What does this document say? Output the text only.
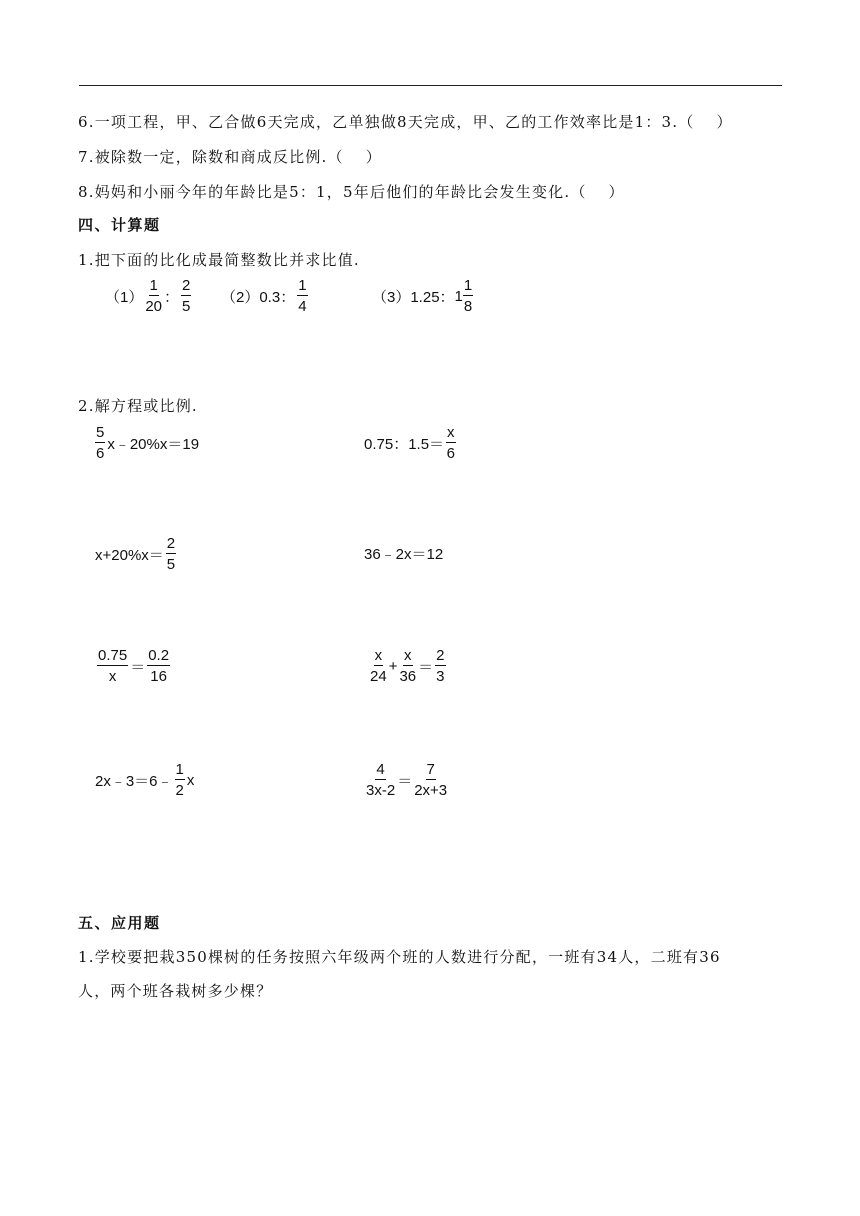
6.一项工程，甲、乙合做6天完成，乙单独做8天完成，甲、乙的工作效率比是1：3.（ ）
7.被除数一定，除数和商成反比例.（ ）
8.妈妈和小丽今年的年龄比是5：1，5年后他们的年龄比会发生变化.（ ）
四、计算题
1.把下面的比化成最简整数比并求比值.
$(1) \frac{1}{20}$ ： $\frac{2}{5} (2)0.3$： $\frac{1}{4}$	（3）1.25： $1 \frac{1}{8}$
2.解方程或比例.
$\frac{5}{6}$ x﹣20%x＝19	0.75：$1.5= \frac{x}{6}$
$x+20\%x= \frac{2}{5}$	36﹣2x＝12
$\frac{0.75}{x} = \frac{0.2}{16}$	$\frac{x}{24} + \frac{x}{36} = \frac{2}{3}$
2x﹣3＝6﹣ $\frac{1}{2}$ x	$\frac{4}{3x-2} = \frac{7}{2x+3}$
五、应用题
1.学校要把栽350棵树的任务按照六年级两个班的人数进行分配，一班有34人，二班有36
人，两个班各栽树多少棵？
